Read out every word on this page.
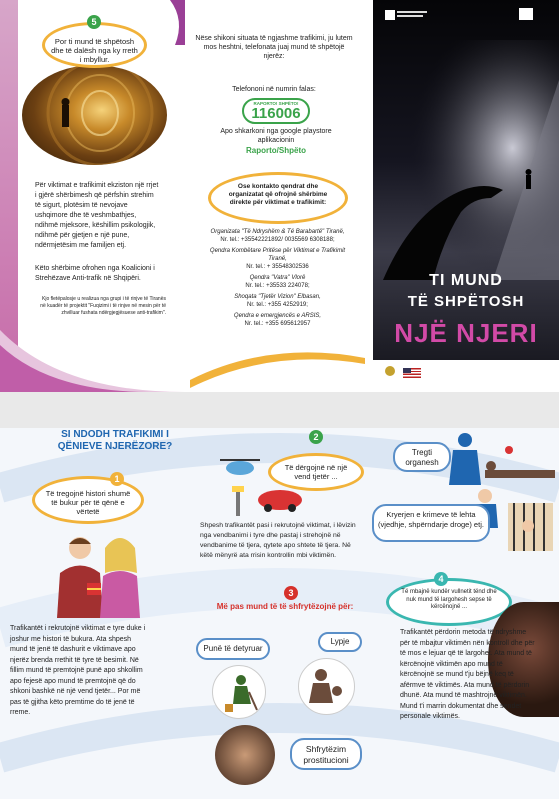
Por ti mund të shpëtosh dhe të dalësh nga ky rreth i mbyllur.
5
Për viktimat e trafikimit ekziston një rrjet i gjërë shërbimesh që përfshin strehim të sigurt, plotësim të nevojave ushqimore dhe të veshmbathjes, ndihmë mjeksore, këshillim psikologjik, ndihmë për gjetjen e një pune, ndërmjetësim me familjen etj.
Këto shërbime ofrohen nga Koalicioni i Strehëzave Anti-trafik në Shqipëri.
Kjo fletëpalosje u realizua nga grupi i të rinjve të Tiranës në kuadër të projektit "Fuqizimi i të rinjve në mesin për të zhvilluar fushata ndërgjegjësuese anti-trafikim".
Nëse shikoni situata të ngjashme trafikimi, ju lutem mos heshtni, telefonata juaj mund të shpëtojë njerëz:
Telefononi në numrin falas:
RAPORTO! SHPËTO!
116006
Apo shkarkoni nga google playstore aplikacionin
Raporto/Shpëto
Ose kontakto qendrat dhe organizatat që ofrojnë shërbime direkte për viktimat e trafikimit:
Organizata "Të Ndryshëm & Të Barabartë" Tiranë,
Nr. tel.: +35542221892/ 0035569 6308188;
Qendra Kombëtare Pritëse për Viktimat e Trafikimit Tiranë,
Nr. tel.: + 35548302536
Qendra "Vatra" Vlorë
Nr. tel.: +35533 224078;
Shoqata "Tjetër Vizion" Elbasan,
Nr. tel.: +355 4252919;
Qendra e emergjencës e ARSIS,
Nr. tel.: +355 695612957
TI MUND
TË SHPËTOSH
NJË NJERI
SI NDODH TRAFIKIMI I
QËNIEVE NJERËZORE?
Të tregojnë histori shumë të bukur për të qënë e vërtetë
1
Trafikantët i rekrutojnë viktimat e tyre duke i joshur me histori të bukura. Ata shpesh mund të jenë të dashurit e viktimave apo njerëz brenda rrethit të tyre të besimit. Në fillim mund të premtojnë punë apo shkollim apo fejesë apo mund të premtojnë që do shkoni bashkë në një vend tjetër... Por më pas të gjitha këto premtime do të jenë të rreme.
Të dërgojnë në një vend tjetër ...
2
Shpesh trafikantët pasi i rekrutojnë viktimat, i lëvizin nga vendbanimi i tyre dhe pastaj i strehojnë në vendbanime të tjera, qytete apo shtete të tjera. Në këtë mënyrë ata rrisin kontrollin mbi viktimën.
Tregti organesh
Kryerjen e krimeve të lehta (vjedhje, shpërndarje droge) etj.
3
Më pas mund të të shfrytëzojnë për:
Punë të detyruar
Lypje
Shfrytëzim prostitucioni
Të mbajnë kundër vullnetit tënd dhe nuk mund të largohesh sepse të kërcënojnë ...
4
Trafikantët përdorin metoda të ndryshme për të mbajtur viktimën nën kontroll dhe për të mos e lejuar që të largohet. Ata mund të kërcënojnë viktimën apo mund të kërcënojnë se mund t'ju bëjnë keq të afërmve të viktimës. Ata mund të përdorin dhunë. Ata mund të mashtrojnë viktimën. Mund t'i marrin dokumentat dhe sendet personale viktimës.
